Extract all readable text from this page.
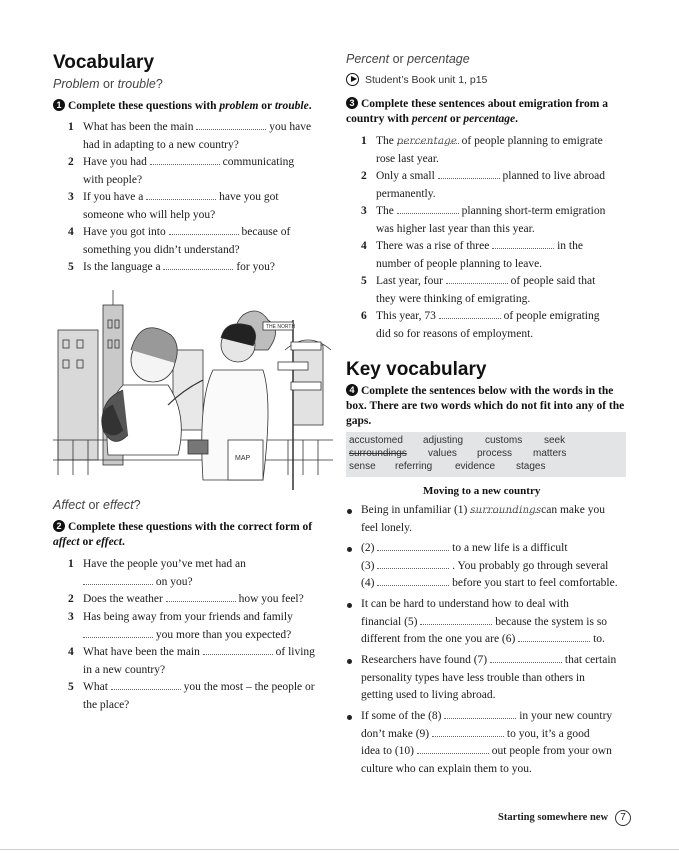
Vocabulary
Problem or trouble?
1 Complete these questions with problem or trouble.
1 What has been the main	you have
had in adapting to a new country?
2 Have you had	communicating
with people?
3 If you have a	have you got
someone who will help you?
4 Have you got into	because of
something you didn’t understand?
5 Is the language a	for you?
THE NORTH
MAP
Affect or effect?
2 Complete these questions with the correct form of affect or effect.
1 Have the people you’ve met had an
on you?
2 Does the weather	how you feel?
3 Has being away from your friends and family
you more than you expected?
4 What have been the main	of living
in a new country?
5 What	you the most – the people or
the place?
Percent or percentage
Student’s Book unit 1, p15
3 Complete these sentences about emigration from a country with percent or percentage.
1 The percentage of people planning to emigrate
rose last year.
2 Only a small	planned to live abroad
permanently.
3 The	planning short-term emigration
was higher last year than this year.
4 There was a rise of three	in the
number of people planning to leave.
5 Last year, four	of people said that
they were thinking of emigrating.
6 This year, 73	of people emigrating
did so for reasons of employment.
Key vocabulary
4 Complete the sentences below with the words in the box. There are two words which do not fit into any of the gaps.
accustomed adjusting customs seek
surroundings values process matters
sense referring evidence stages
Moving to a new country
Being in unfamiliar (1) surroundings can make you
feel lonely.
(2)	to a new life is a difficult
(3)	. You probably go through several
(4)	before you start to feel comfortable.
It can be hard to understand how to deal with
financial (5)	because the system is so
different from the one you are (6)	to.
Researchers have found (7)	that certain
personality types have less trouble than others in
getting used to living abroad.
If some of the (8)	in your new country
don’t make (9)	to you, it’s a good
idea to (10)	out people from your own
culture who can explain them to you.
Starting somewhere new	7
